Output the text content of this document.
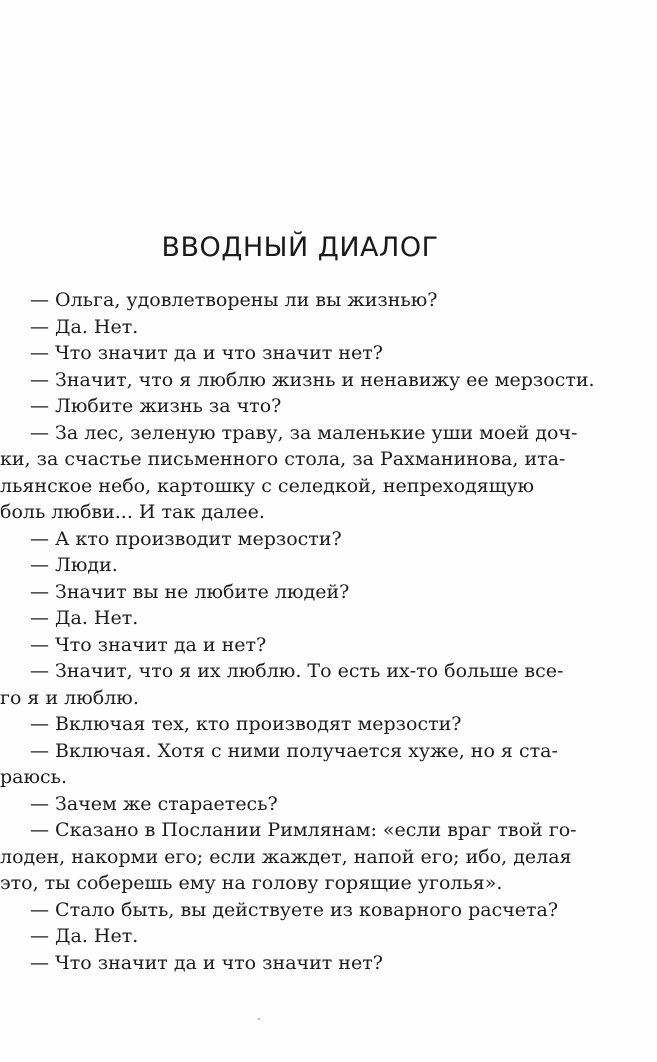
ВВОДНЫЙ ДИАЛОГ
— Ольга, удовлетворены ли вы жизнью?
— Да. Нет.
— Что значит да и что значит нет?
— Значит, что я люблю жизнь и ненавижу ее мерзости.
— Любите жизнь за что?
— За лес, зеленую траву, за маленькие уши моей доч-
ки, за счастье письменного стола, за Рахманинова, ита-
льянское небо, картошку с селедкой, непреходящую
боль любви... И так далее.
— А кто производит мерзости?
— Люди.
— Значит вы не любите людей?
— Да. Нет.
— Что значит да и нет?
— Значит, что я их люблю. То есть их-то больше все-
го я и люблю.
— Включая тех, кто производят мерзости?
— Включая. Хотя с ними получается хуже, но я ста-
раюсь.
— Зачем же стараетесь?
— Сказано в Послании Римлянам: «если враг твой го-
лоден, накорми его; если жаждет, напой его; ибо, делая
это, ты соберешь ему на голову горящие уголья».
— Стало быть, вы действуете из коварного расчета?
— Да. Нет.
— Что значит да и что значит нет?
